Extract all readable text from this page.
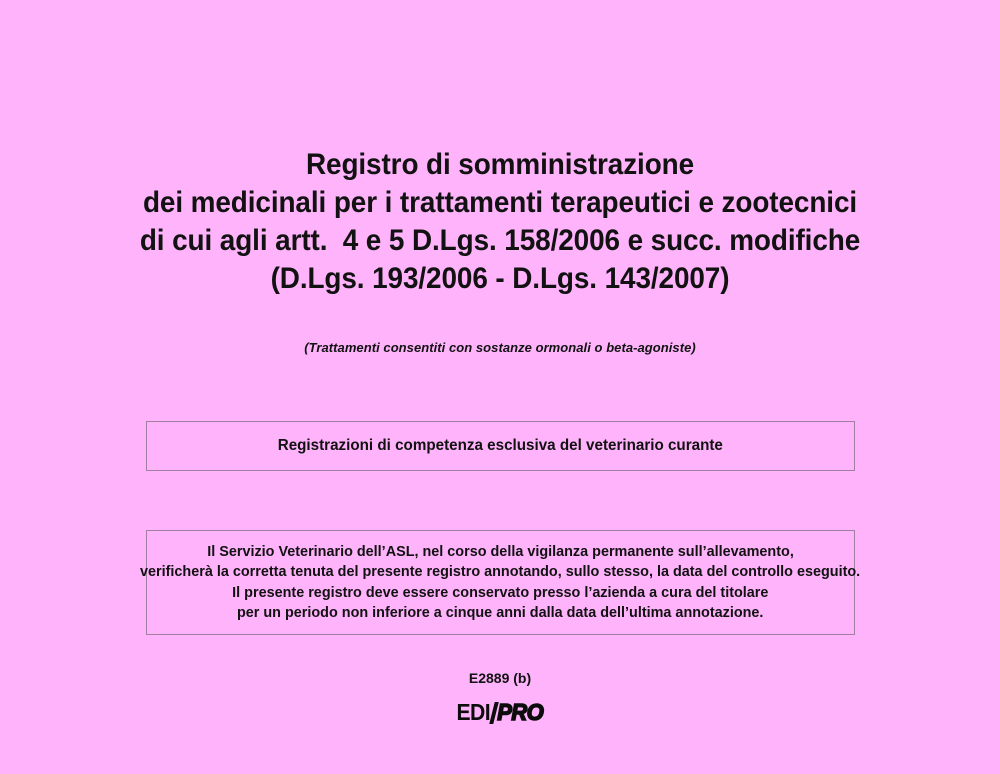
Registro di somministrazione
dei medicinali per i trattamenti terapeutici e zootecnici
di cui agli artt.  4 e 5 D.Lgs. 158/2006 e succ. modifiche
(D.Lgs. 193/2006 - D.Lgs. 143/2007)
(Trattamenti consentiti con sostanze ormonali o beta-agoniste)
Registrazioni di competenza esclusiva del veterinario curante
Il Servizio Veterinario dell’ASL, nel corso della vigilanza permanente sull’allevamento,
verificherà la corretta tenuta del presente registro annotando, sullo stesso, la data del controllo eseguito.
Il presente registro deve essere conservato presso l’azienda a cura del titolare
per un periodo non inferiore a cinque anni dalla data dell’ultima annotazione.
E2889 (b)
EDI PRO
